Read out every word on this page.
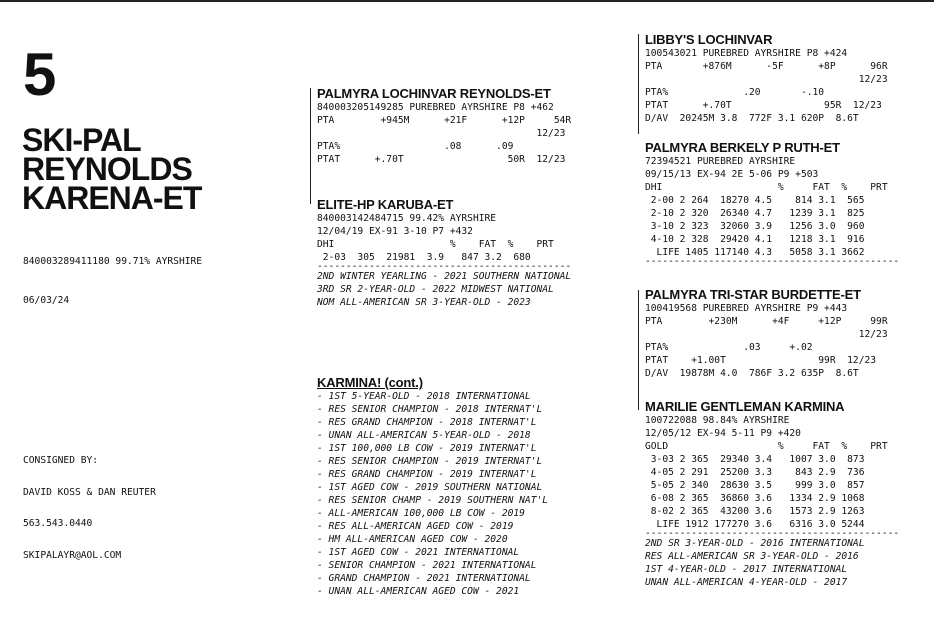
5
SKI-PAL
REYNOLDS
KARENA-ET

840003289411180 99.71% AYRSHIRE

06/03/24

CONSIGNED BY:

DAVID KOSS & DAN REUTER

563.543.0440

SKIPALAYR@AOL.COM

PALMYRA LOCHINVAR REYNOLDS-ET
840003205149285 PUREBRED AYRSHIRE P8 +462
PTA        +945M      +21F      +12P     54R
12/23
PTA%                  .08      .09
PTAT      +.70T                  50R  12/23
ELITE-HP KARUBA-ET
840003142484715 99.42% AYRSHIRE
12/04/19 EX-91 3-10 P7 +432
DHI                    %    FAT  %    PRT
2-03  305  21981  3.9   847 3.2  680
--------------------------------------------
2ND WINTER YEARLING - 2021 SOUTHERN NATIONAL
3RD SR 2-YEAR-OLD - 2022 MIDWEST NATIONAL
NOM ALL-AMERICAN SR 3-YEAR-OLD - 2023
KARMINA! (cont.)
- 1ST 5-YEAR-OLD - 2018 INTERNATIONAL
- RES SENIOR CHAMPION - 2018 INTERNAT'L
- RES GRAND CHAMPION - 2018 INTERNAT'L
- UNAN ALL-AMERICAN 5-YEAR-OLD - 2018
- 1ST 100,000 LB COW - 2019 INTERNAT'L
- RES SENIOR CHAMPION - 2019 INTERNAT'L
- RES GRAND CHAMPION - 2019 INTERNAT'L
- 1ST AGED COW - 2019 SOUTHERN NATIONAL
- RES SENIOR CHAMP - 2019 SOUTHERN NAT'L
- ALL-AMERICAN 100,000 LB COW - 2019
- RES ALL-AMERICAN AGED COW - 2019
- HM ALL-AMERICAN AGED COW - 2020
- 1ST AGED COW - 2021 INTERNATIONAL
- SENIOR CHAMPION - 2021 INTERNATIONAL
- GRAND CHAMPION - 2021 INTERNATIONAL
- UNAN ALL-AMERICAN AGED COW - 2021
LIBBY'S LOCHINVAR
100543021 PUREBRED AYRSHIRE P8 +424
PTA       +876M      -5F      +8P      96R
12/23
PTA%             .20       -.10
PTAT      +.70T                95R  12/23
D/AV  20245M 3.8  772F 3.1 620P  8.6T
PALMYRA BERKELY P RUTH-ET
72394521 PUREBRED AYRSHIRE
09/15/13 EX-94 2E 5-06 P9 +503
DHI                    %     FAT  %    PRT
2-00 2 264  18270 4.5    814 3.1  565
2-10 2 320  26340 4.7   1239 3.1  825
3-10 2 323  32060 3.9   1256 3.0  960
4-10 2 328  29420 4.1   1218 3.1  916
LIFE 1405 117140 4.3   5058 3.1 3662
--------------------------------------------
PALMYRA TRI-STAR BURDETTE-ET
100419568 PUREBRED AYRSHIRE P9 +443
PTA        +230M      +4F     +12P     99R
12/23
PTA%             .03     +.02
PTAT    +1.00T                99R  12/23
D/AV  19878M 4.0  786F 3.2 635P  8.6T
MARILIE GENTLEMAN KARMINA
100722088 98.84% AYRSHIRE
12/05/12 EX-94 5-11 P9 +420
GOLD                   %     FAT  %    PRT
3-03 2 365  29340 3.4   1007 3.0  873
4-05 2 291  25200 3.3    843 2.9  736
5-05 2 340  28630 3.5    999 3.0  857
6-08 2 365  36860 3.6   1334 2.9 1068
8-02 2 365  43200 3.6   1573 2.9 1263
LIFE 1912 177270 3.6   6316 3.0 5244
--------------------------------------------
2ND SR 3-YEAR-OLD - 2016 INTERNATIONAL
RES ALL-AMERICAN SR 3-YEAR-OLD - 2016
1ST 4-YEAR-OLD - 2017 INTERNATIONAL
UNAN ALL-AMERICAN 4-YEAR-OLD - 2017
